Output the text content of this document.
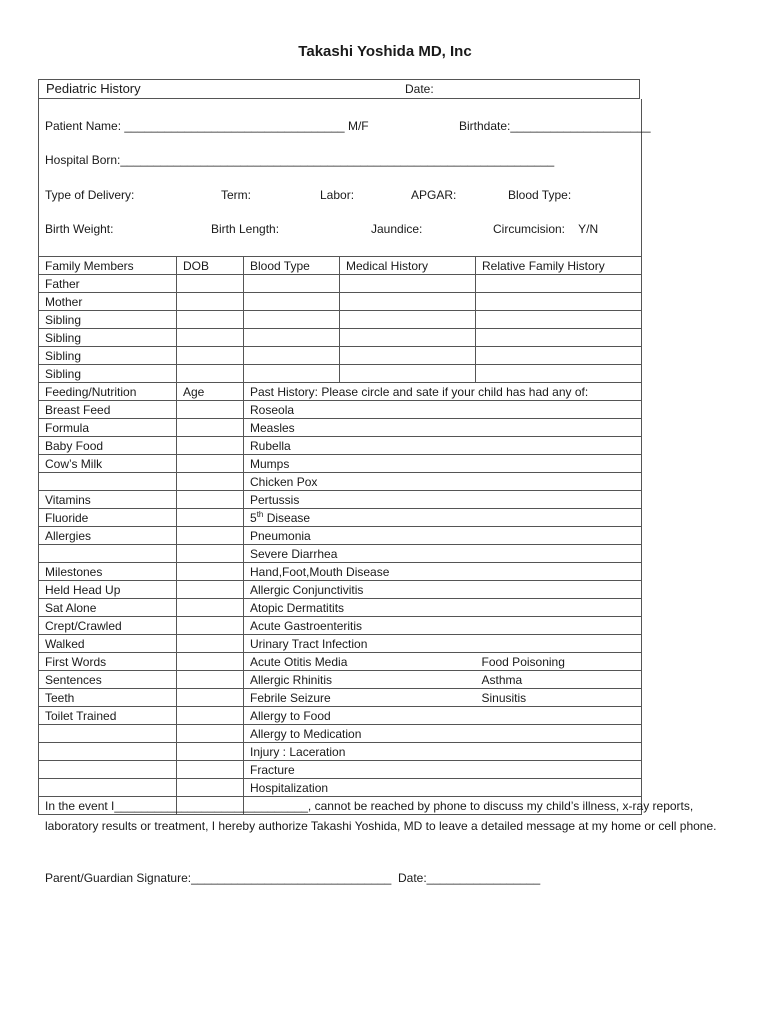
Takashi Yoshida MD, Inc
Pediatric History	Date:
Patient Name: _________________________________ M/F	Birthdate:_____________________
Hospital Born:_________________________________________________________________
Type of Delivery:	Term:	Labor:	APGAR:	Blood Type:
Birth Weight:	Birth Length:	Jaundice:	Circumcision:    Y/N
Family Members	DOB	Blood Type	Medical History	Relative Family History
Father				
Mother				
Sibling				
Sibling				
Sibling				
Sibling				
Feeding/Nutrition	Age	Past History: Please circle and sate if your child has had any of:		
Breast Feed		Roseola		
Formula		Measles		
Baby Food		Rubella		
Cow’s Milk		Mumps		
		Chicken Pox		
Vitamins		Pertussis		
Fluoride		5th Disease		
Allergies		Pneumonia		
		Severe Diarrhea		
Milestones		Hand,Foot,Mouth Disease		
Held Head Up		Allergic Conjunctivitis		
Sat Alone		Atopic Dermatitits		
Crept/Crawled		Acute Gastroenteritis		
Walked		Urinary Tract Infection		
First Words		Acute Otitis Media		Food Poisoning
Sentences		Allergic Rhinitis		Asthma
Teeth		Febrile Seizure		Sinusitis
Toilet Trained		Allergy to Food		
		Allergy to Medication		
		Injury : Laceration		
		Fracture		
		Hospitalization		

In the event I_____________________________, cannot be reached by phone to discuss my child’s illness, x-ray reports, laboratory results or treatment, I hereby authorize Takashi Yoshida, MD to leave a detailed message at my home or cell phone.
Parent/Guardian Signature:______________________________ Date:_________________
